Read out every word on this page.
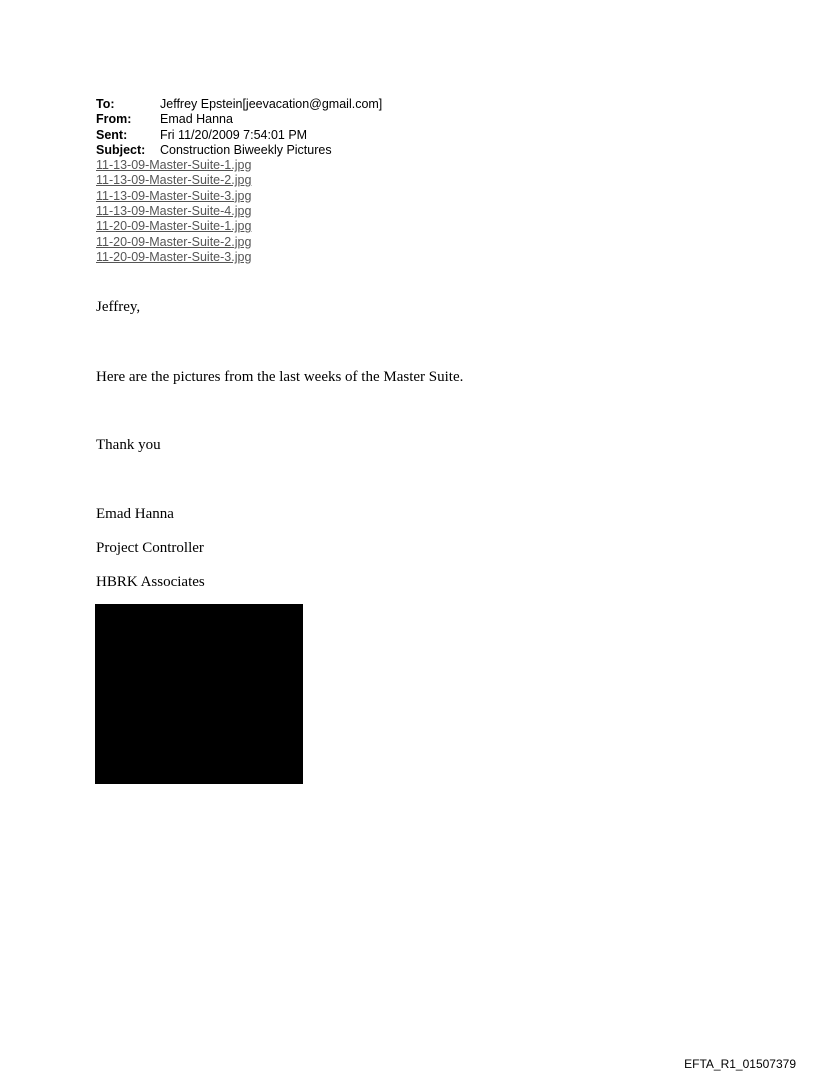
To:	Jeffrey Epstein[jeevacation@gmail.com]
From:	Emad Hanna
Sent:	Fri 11/20/2009 7:54:01 PM
Subject:	Construction Biweekly Pictures
11-13-09-Master-Suite-1.jpg
11-13-09-Master-Suite-2.jpg
11-13-09-Master-Suite-3.jpg
11-13-09-Master-Suite-4.jpg
11-20-09-Master-Suite-1.jpg
11-20-09-Master-Suite-2.jpg
11-20-09-Master-Suite-3.jpg
Jeffrey,
Here are the pictures from the last weeks of the Master Suite.
Thank you
Emad Hanna
Project Controller
HBRK Associates
EFTA_R1_01507379
